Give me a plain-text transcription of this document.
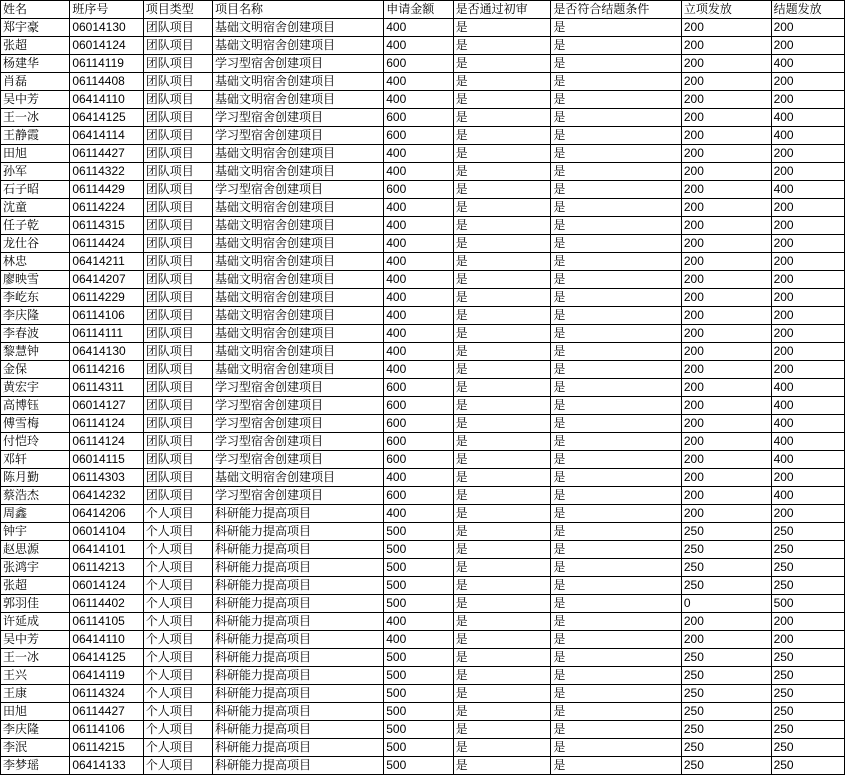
姓名	班序号	项目类型	项目名称	申请金额	是否通过初审	是否符合结题条件	立项发放	结题发放
郑宇豪	06014130	团队项目	基础文明宿舍创建项目	400	是	是	200	200
张超	06014124	团队项目	基础文明宿舍创建项目	400	是	是	200	200
杨建华	06114119	团队项目	学习型宿舍创建项目	600	是	是	200	400
肖磊	06114408	团队项目	基础文明宿舍创建项目	400	是	是	200	200
吴中芳	06414110	团队项目	基础文明宿舍创建项目	400	是	是	200	200
王一冰	06414125	团队项目	学习型宿舍创建项目	600	是	是	200	400
王静霞	06414114	团队项目	学习型宿舍创建项目	600	是	是	200	400
田旭	06114427	团队项目	基础文明宿舍创建项目	400	是	是	200	200
孙军	06114322	团队项目	基础文明宿舍创建项目	400	是	是	200	200
石子昭	06114429	团队项目	学习型宿舍创建项目	600	是	是	200	400
沈童	06114224	团队项目	基础文明宿舍创建项目	400	是	是	200	200
任子乾	06114315	团队项目	基础文明宿舍创建项目	400	是	是	200	200
龙仕谷	06114424	团队项目	基础文明宿舍创建项目	400	是	是	200	200
林忠	06414211	团队项目	基础文明宿舍创建项目	400	是	是	200	200
廖映雪	06414207	团队项目	基础文明宿舍创建项目	400	是	是	200	200
李屹东	06114229	团队项目	基础文明宿舍创建项目	400	是	是	200	200
李庆隆	06114106	团队项目	基础文明宿舍创建项目	400	是	是	200	200
李春波	06114111	团队项目	基础文明宿舍创建项目	400	是	是	200	200
黎慧钟	06414130	团队项目	基础文明宿舍创建项目	400	是	是	200	200
金保	06114216	团队项目	基础文明宿舍创建项目	400	是	是	200	200
黄宏宇	06114311	团队项目	学习型宿舍创建项目	600	是	是	200	400
高博钰	06014127	团队项目	学习型宿舍创建项目	600	是	是	200	400
傅雪梅	06114124	团队项目	学习型宿舍创建项目	600	是	是	200	400
付恺玲	06114124	团队项目	学习型宿舍创建项目	600	是	是	200	400
邓轩	06014115	团队项目	学习型宿舍创建项目	600	是	是	200	400
陈月勤	06114303	团队项目	基础文明宿舍创建项目	400	是	是	200	200
蔡浩杰	06414232	团队项目	学习型宿舍创建项目	600	是	是	200	400
周鑫	06414206	个人项目	科研能力提高项目	400	是	是	200	200
钟宇	06014104	个人项目	科研能力提高项目	500	是	是	250	250
赵思源	06414101	个人项目	科研能力提高项目	500	是	是	250	250
张鸿宇	06114213	个人项目	科研能力提高项目	500	是	是	250	250
张超	06014124	个人项目	科研能力提高项目	500	是	是	250	250
郭羽佳	06114402	个人项目	科研能力提高项目	500	是	是	0	500
许延成	06114105	个人项目	科研能力提高项目	400	是	是	200	200
吴中芳	06414110	个人项目	科研能力提高项目	400	是	是	200	200
王一冰	06414125	个人项目	科研能力提高项目	500	是	是	250	250
王兴	06414119	个人项目	科研能力提高项目	500	是	是	250	250
王康	06114324	个人项目	科研能力提高项目	500	是	是	250	250
田旭	06114427	个人项目	科研能力提高项目	500	是	是	250	250
李庆隆	06114106	个人项目	科研能力提高项目	500	是	是	250	250
李泯	06114215	个人项目	科研能力提高项目	500	是	是	250	250
李梦瑶	06414133	个人项目	科研能力提高项目	500	是	是	250	250
